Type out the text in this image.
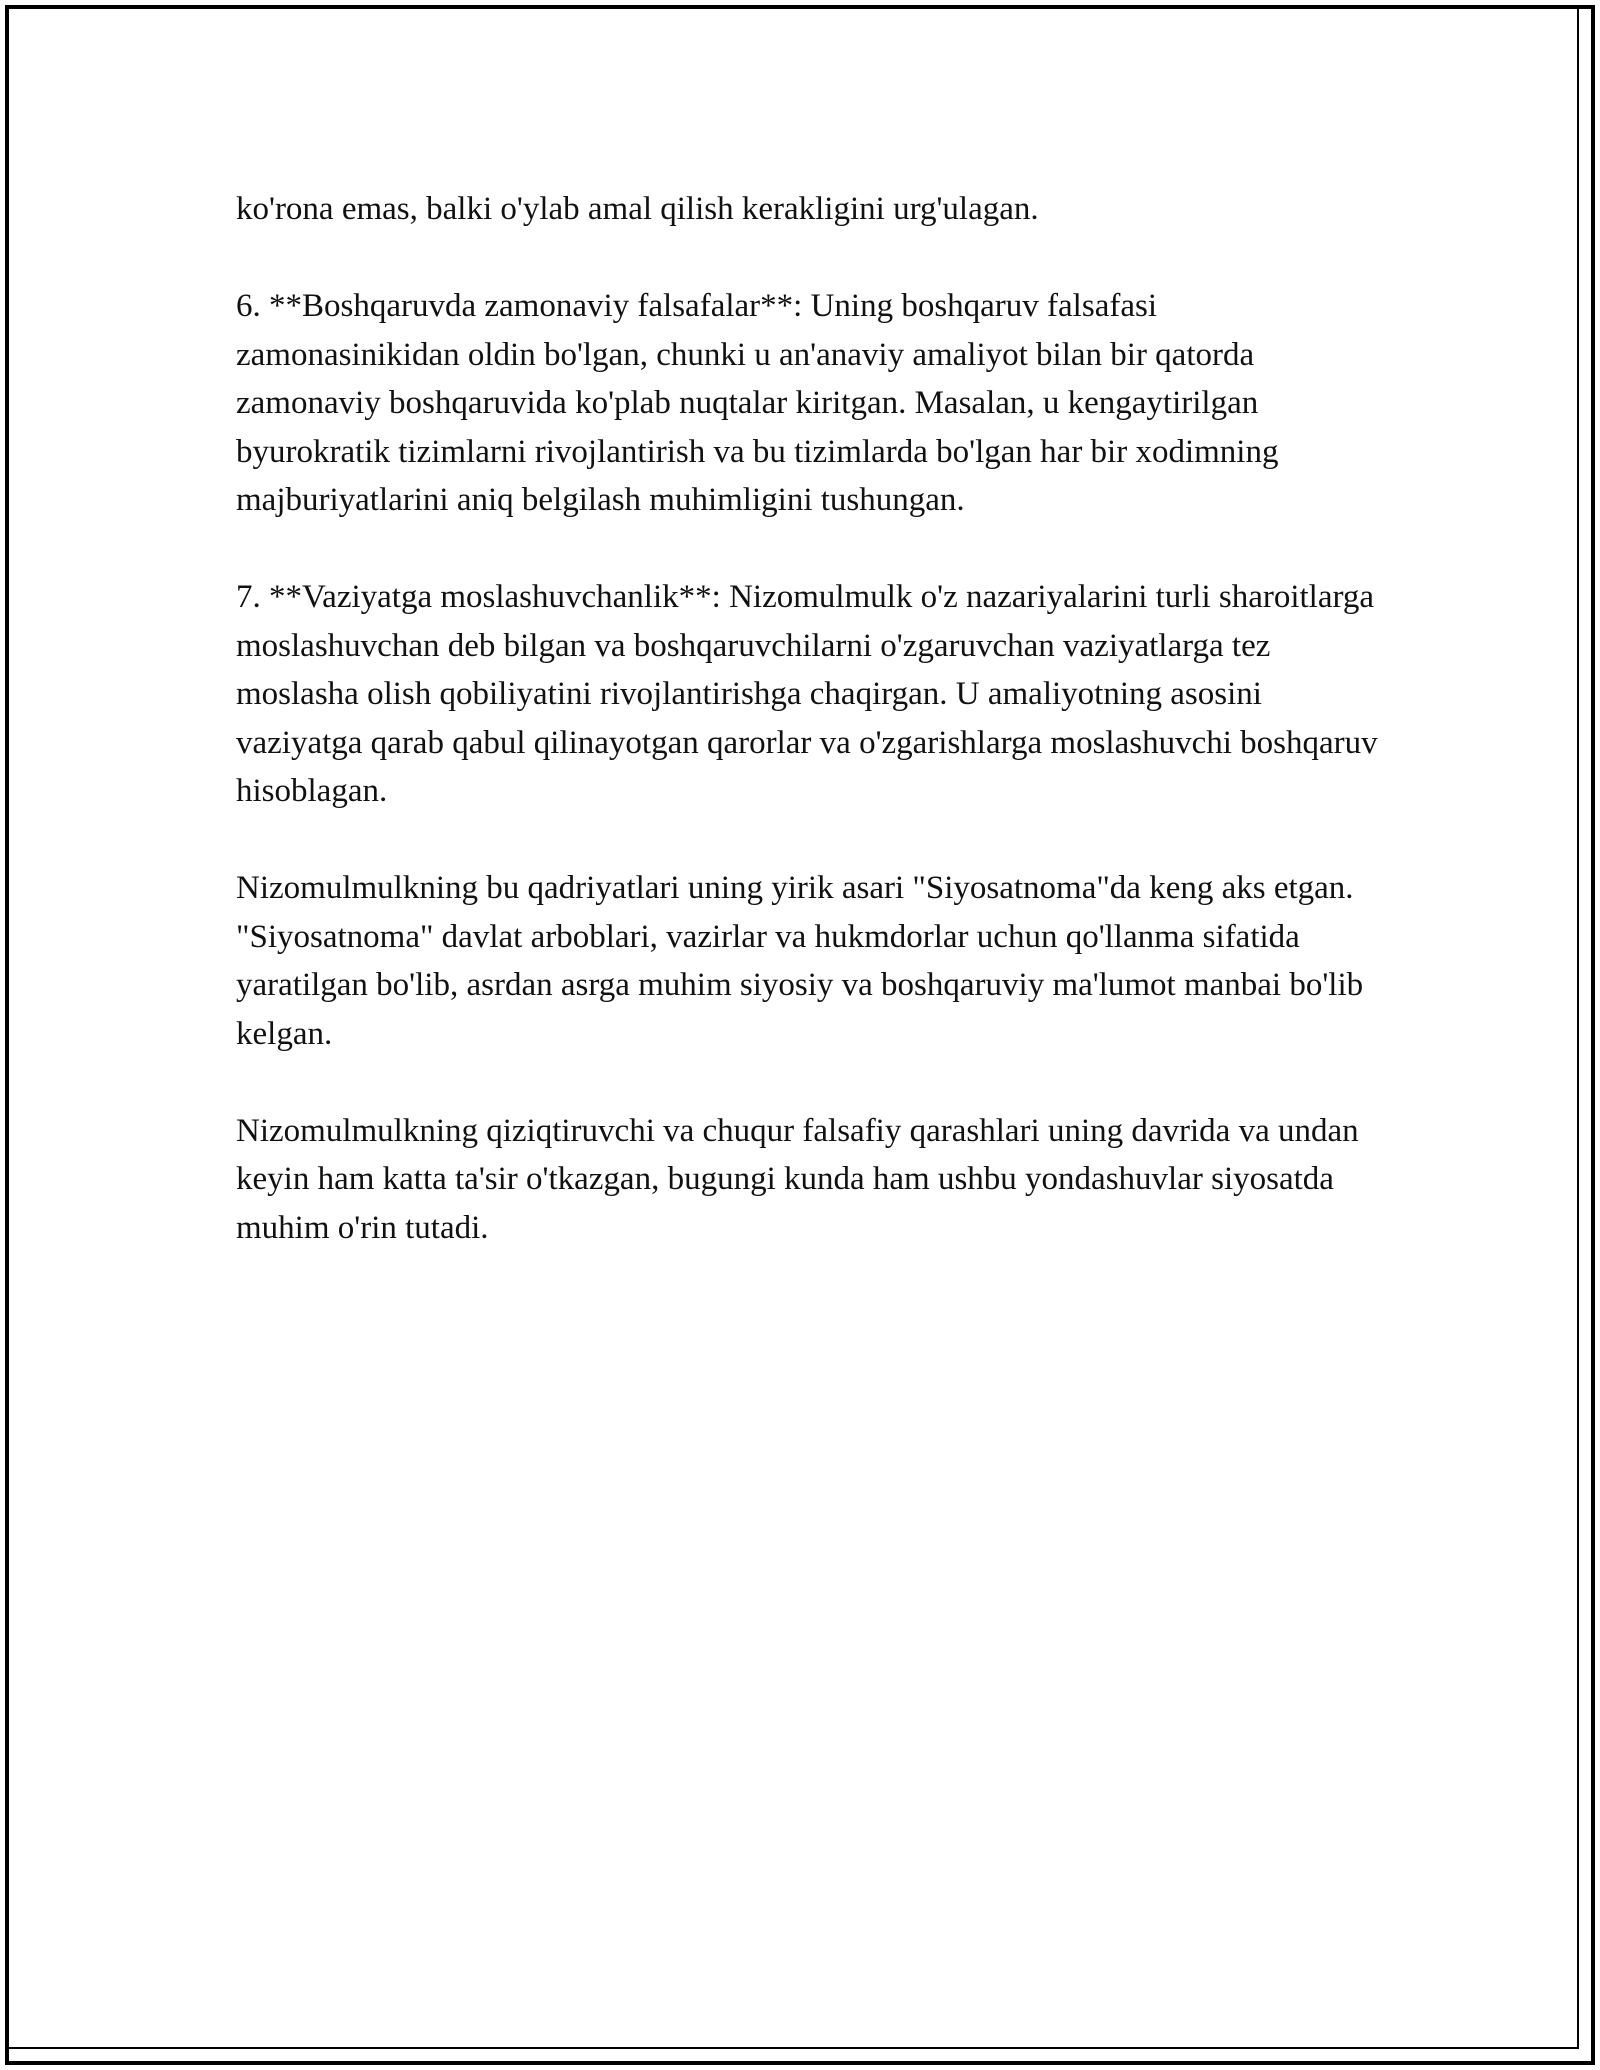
ko'rona emas, balki o'ylab amal qilish kerakligini urg'ulagan.

6. **Boshqaruvda zamonaviy falsafalar**: Uning boshqaruv falsafasi zamonasinikidan oldin bo'lgan, chunki u an'anaviy amaliyot bilan bir qatorda zamonaviy boshqaruvida ko'plab nuqtalar kiritgan. Masalan, u kengaytirilgan byurokratik tizimlarni rivojlantirish va bu tizimlarda bo'lgan har bir xodimning majburiyatlarini aniq belgilash muhimligini tushungan.

7. **Vaziyatga moslashuvchanlik**: Nizomulmulk o'z nazariyalarini turli sharoitlarga moslashuvchan deb bilgan va boshqaruvchilarni o'zgaruvchan vaziyatlarga tez moslasha olish qobiliyatini rivojlantirishga chaqirgan. U amaliyotning asosini vaziyatga qarab qabul qilinayotgan qarorlar va o'zgarishlarga moslashuvchi boshqaruv hisoblagan.

Nizomulmulkning bu qadriyatlari uning yirik asari "Siyosatnoma"da keng aks etgan. "Siyosatnoma" davlat arboblari, vazirlar va hukmdorlar uchun qo'llanma sifatida yaratilgan bo'lib, asrdan asrga muhim siyosiy va boshqaruviy ma'lumot manbai bo'lib kelgan.

Nizomulmulkning qiziqtiruvchi va chuqur falsafiy qarashlari uning davrida va undan keyin ham katta ta'sir o'tkazgan, bugungi kunda ham ushbu yondashuvlar siyosatda muhim o'rin tutadi.
